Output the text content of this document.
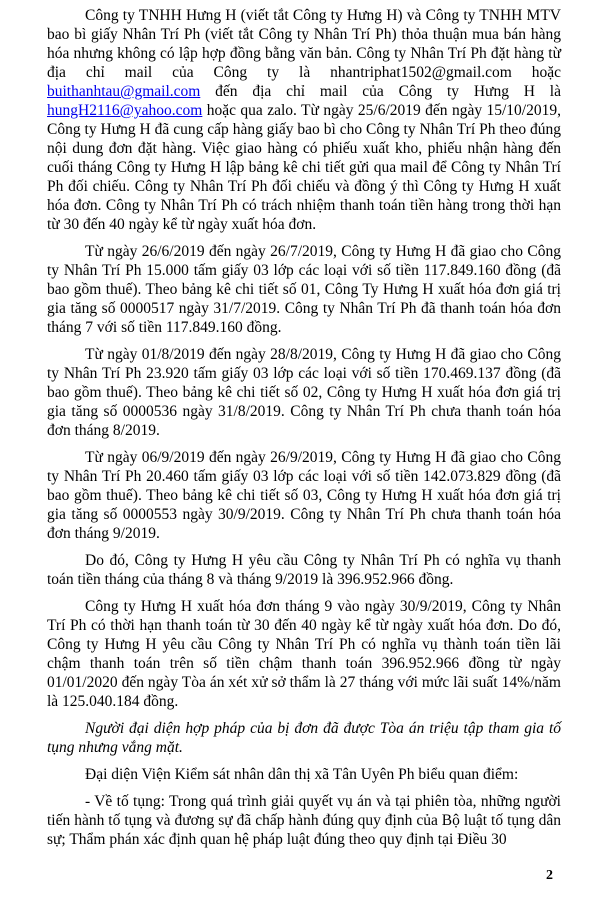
Công ty TNHH Hưng H (viết tắt Công ty Hưng H) và Công ty TNHH MTV bao bì giấy Nhân Trí Ph (viết tắt Công ty Nhân Trí Ph) thỏa thuận mua bán hàng hóa nhưng không có lập hợp đồng bằng văn bản. Công ty Nhân Trí Ph đặt hàng từ địa chỉ mail của Công ty là nhantriphat1502@gmail.com hoặc buithanhtau@gmail.com đến địa chỉ mail của Công ty Hưng H là hungH2116@yahoo.com hoặc qua zalo. Từ ngày 25/6/2019 đến ngày 15/10/2019, Công ty Hưng H đã cung cấp hàng giấy bao bì cho Công ty Nhân Trí Ph theo đúng nội dung đơn đặt hàng. Việc giao hàng có phiếu xuất kho, phiếu nhận hàng đến cuối tháng Công ty Hưng H lập bảng kê chi tiết gửi qua mail để Công ty Nhân Trí Ph đối chiếu. Công ty Nhân Trí Ph đối chiếu và đồng ý thì Công ty Hưng H xuất hóa đơn. Công ty Nhân Trí Ph có trách nhiệm thanh toán tiền hàng trong thời hạn từ 30 đến 40 ngày kể từ ngày xuất hóa đơn.

Từ ngày 26/6/2019 đến ngày 26/7/2019, Công ty Hưng H đã giao cho Công ty Nhân Trí Ph 15.000 tấm giấy 03 lớp các loại với số tiền 117.849.160 đồng (đã bao gồm thuế). Theo bảng kê chi tiết số 01, Công Ty Hưng H xuất hóa đơn giá trị gia tăng số 0000517 ngày 31/7/2019. Công ty Nhân Trí Ph đã thanh toán hóa đơn tháng 7 với số tiền 117.849.160 đồng.

Từ ngày 01/8/2019 đến ngày 28/8/2019, Công ty Hưng H đã giao cho Công ty Nhân Trí Ph 23.920 tấm giấy 03 lớp các loại với số tiền 170.469.137 đồng (đã bao gồm thuế). Theo bảng kê chi tiết số 02, Công ty Hưng H xuất hóa đơn giá trị gia tăng số 0000536 ngày 31/8/2019. Công ty Nhân Trí Ph chưa thanh toán hóa đơn tháng 8/2019.

Từ ngày 06/9/2019 đến ngày 26/9/2019, Công ty Hưng H đã giao cho Công ty Nhân Trí Ph 20.460 tấm giấy 03 lớp các loại với số tiền 142.073.829 đồng (đã bao gồm thuế). Theo bảng kê chi tiết số 03, Công ty Hưng H xuất hóa đơn giá trị gia tăng số 0000553 ngày 30/9/2019. Công ty Nhân Trí Ph chưa thanh toán hóa đơn tháng 9/2019.

Do đó, Công ty Hưng H yêu cầu Công ty Nhân Trí Ph có nghĩa vụ thanh toán tiền tháng của tháng 8 và tháng 9/2019 là 396.952.966 đồng.

Công ty Hưng H xuất hóa đơn tháng 9 vào ngày 30/9/2019, Công ty Nhân Trí Ph có thời hạn thanh toán từ 30 đến 40 ngày kể từ ngày xuất hóa đơn. Do đó, Công ty Hưng H yêu cầu Công ty Nhân Trí Ph có nghĩa vụ thành toán tiền lãi chậm thanh toán trên số tiền chậm thanh toán 396.952.966 đồng từ ngày 01/01/2020 đến ngày Tòa án xét xử sở thẩm là 27 tháng với mức lãi suất 14%/năm là 125.040.184 đồng.

Người đại diện hợp pháp của bị đơn đã được Tòa án triệu tập tham gia tố tụng nhưng vắng mặt.

Đại diện Viện Kiểm sát nhân dân thị xã Tân Uyên Ph biểu quan điểm:

- Về tố tụng: Trong quá trình giải quyết vụ án và tại phiên tòa, những người tiến hành tố tụng và đương sự đã chấp hành đúng quy định của Bộ luật tố tụng dân sự; Thẩm phán xác định quan hệ pháp luật đúng theo quy định tại Điều 30

2
